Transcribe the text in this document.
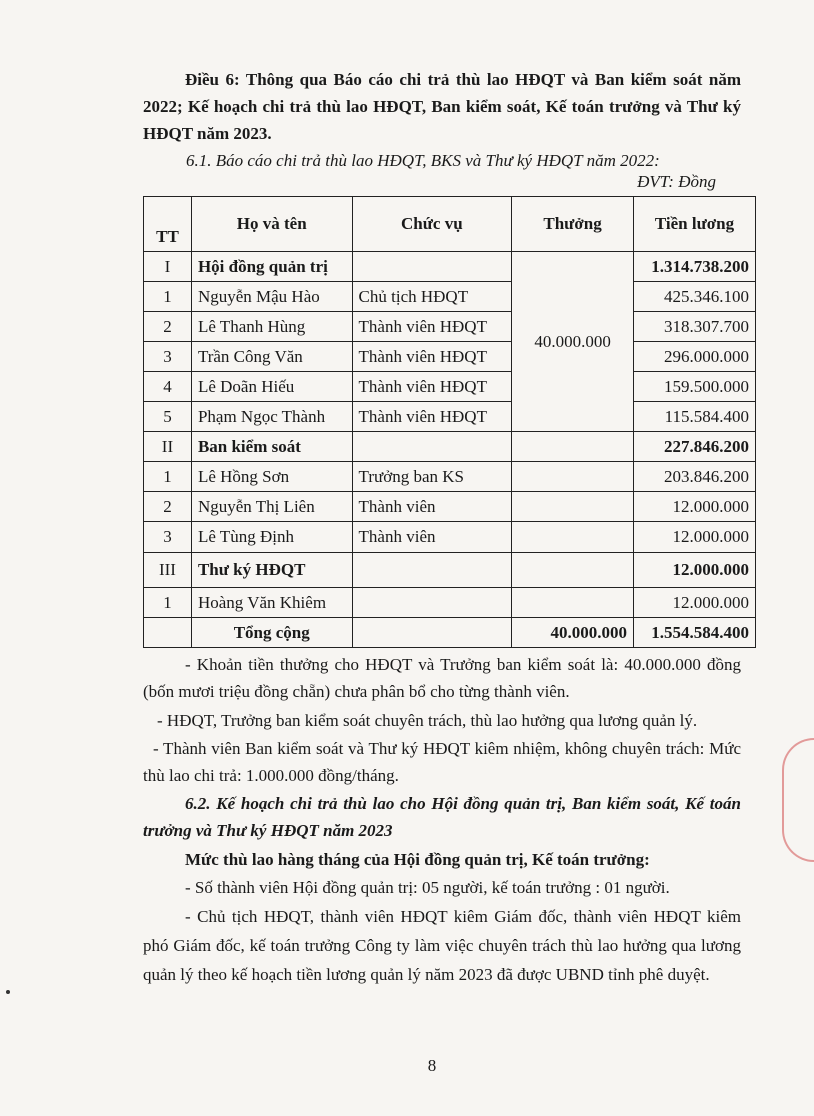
Điều 6: Thông qua Báo cáo chi trả thù lao HĐQT và Ban kiểm soát năm 2022; Kế hoạch chi trả thù lao HĐQT, Ban kiểm soát, Kế toán trưởng và Thư ký HĐQT năm 2023.

6.1. Báo cáo chi trả thù lao HĐQT, BKS và Thư ký HĐQT năm 2022:

ĐVT: Đồng

TT	Họ và tên	Chức vụ	Thưởng	Tiền lương
I	Hội đồng quản trị		40.000.000	1.314.738.200
1	Nguyễn Mậu Hào	Chủ tịch HĐQT		425.346.100
2	Lê Thanh Hùng	Thành viên HĐQT		318.307.700
3	Trần Công Văn	Thành viên HĐQT		296.000.000
4	Lê Doãn Hiếu	Thành viên HĐQT		159.500.000
5	Phạm Ngọc Thành	Thành viên HĐQT		115.584.400
II	Ban kiểm soát			227.846.200
1	Lê Hồng Sơn	Trưởng ban KS		203.846.200
2	Nguyễn Thị Liên	Thành viên		12.000.000
3	Lê Tùng Định	Thành viên		12.000.000
III	Thư ký HĐQT			12.000.000
1	Hoàng Văn Khiêm			12.000.000
	Tổng cộng		40.000.000	1.554.584.400

- Khoản tiền thưởng cho HĐQT và Trưởng ban kiểm soát là: 40.000.000 đồng (bốn mươi triệu đồng chẵn) chưa phân bổ cho từng thành viên.

- HĐQT, Trưởng ban kiểm soát chuyên trách, thù lao hưởng qua lương quản lý.

- Thành viên Ban kiểm soát và Thư ký HĐQT kiêm nhiệm, không chuyên trách: Mức thù lao chi trả: 1.000.000 đồng/tháng.

6.2. Kế hoạch chi trả thù lao cho Hội đồng quản trị, Ban kiểm soát, Kế toán trưởng và Thư ký HĐQT năm 2023

Mức thù lao hàng tháng của Hội đồng quản trị, Kế toán trưởng:

- Số thành viên Hội đồng quản trị: 05 người, kế toán trưởng : 01 người.

- Chủ tịch HĐQT, thành viên HĐQT kiêm Giám đốc, thành viên HĐQT kiêm phó Giám đốc, kế toán trưởng Công ty làm việc chuyên trách thù lao hưởng qua lương quản lý theo kế hoạch tiền lương quản lý năm 2023 đã được UBND tỉnh phê duyệt.

8
